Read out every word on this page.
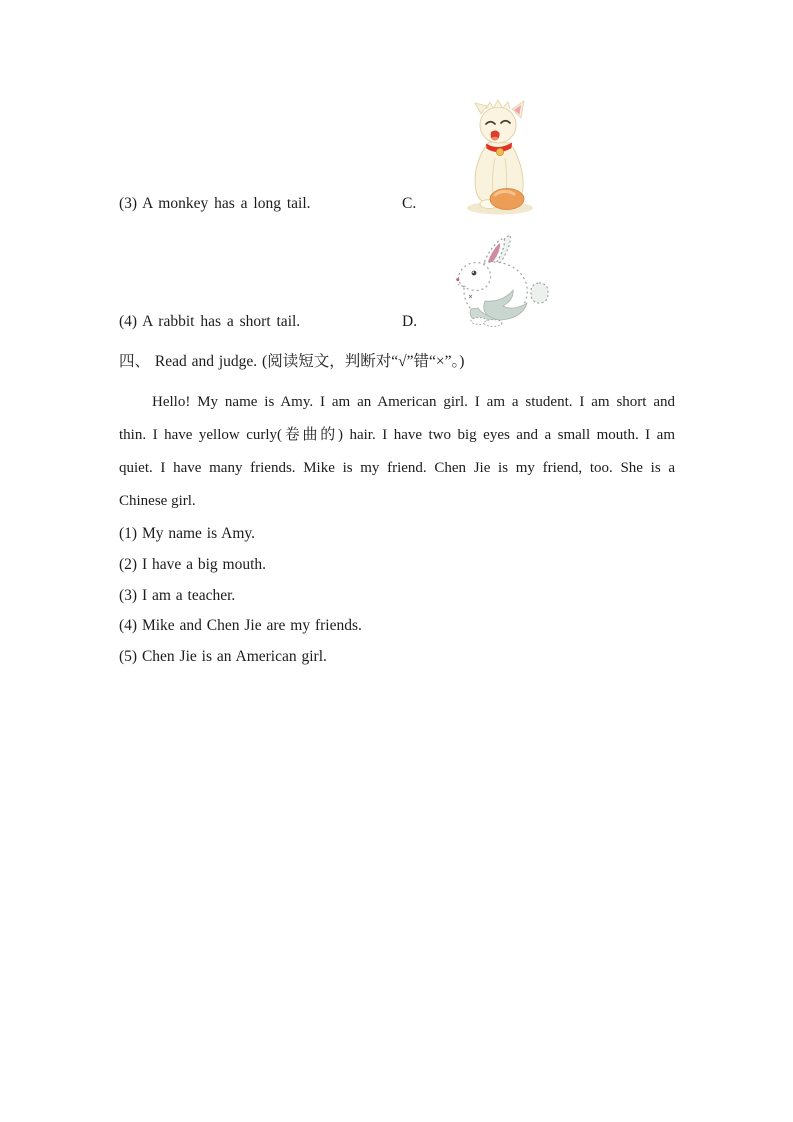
(3) A monkey has a long tail.	C.
(4) A rabbit has a short tail.	D.
四、 Read and judge. (阅读短文，判断对“√”错“×”。)
Hello! My name is Amy. I am an American girl. I am a student. I am short and
thin. I have yellow curly(卷曲的) hair. I have two big eyes and a small mouth. I am
quiet. I have many friends. Mike is my friend. Chen Jie is my friend, too. She is a
Chinese girl.
(1) My name is Amy.
(2) I have a big mouth.
(3) I am a teacher.
(4) Mike and Chen Jie are my friends.
(5) Chen Jie is an American girl.
